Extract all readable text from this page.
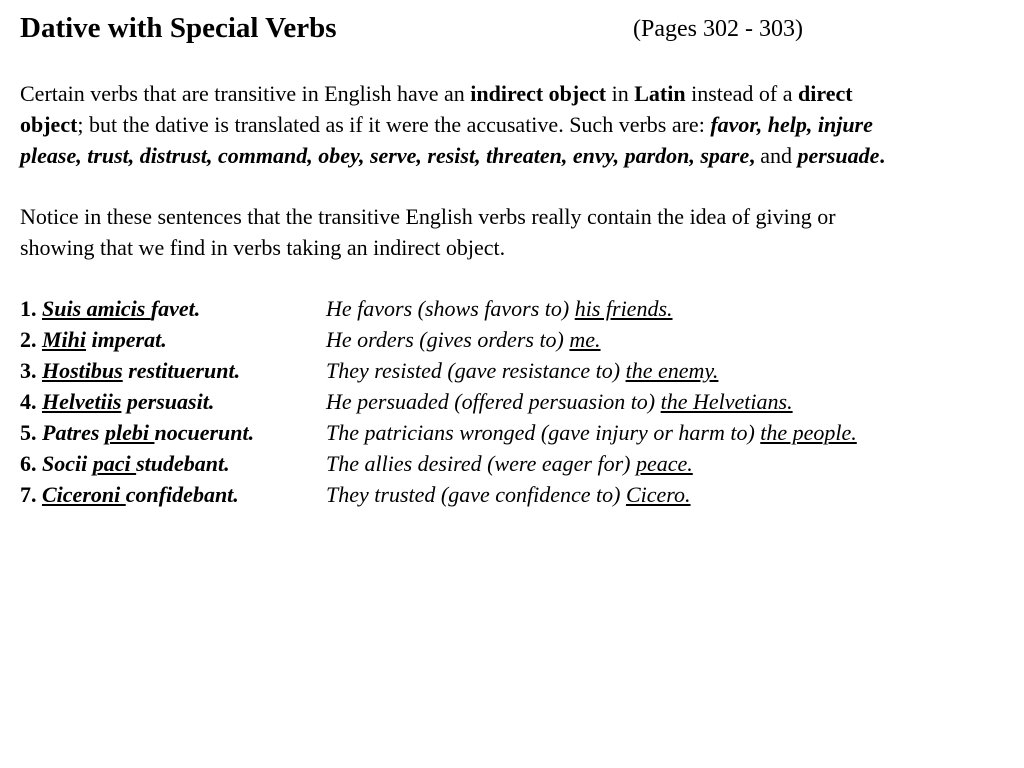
Dative with Special Verbs	(Pages 302 - 303)
Certain verbs that are transitive in English have an indirect object in Latin instead of a direct
object; but the dative is translated as if it were the accusative. Such verbs are: favor, help, injure
please, trust, distrust, command, obey, serve, resist, threaten, envy, pardon, spare, and persuade.
Notice in these sentences that the transitive English verbs really contain the idea of giving or
showing that we find in verbs taking an indirect object.
1. Suis amicis favet.	He favors (shows favors to) his friends.
2. Mihi imperat.	He orders (gives orders to) me.
3. Hostibus restituerunt.	They resisted (gave resistance to) the enemy.
4. Helvetiis persuasit.	He persuaded (offered persuasion to) the Helvetians.
5. Patres plebi nocuerunt.	The patricians wronged (gave injury or harm to) the people.
6. Socii paci studebant.	The allies desired (were eager for) peace.
7. Ciceroni confidebant.	They trusted (gave confidence to) Cicero.
